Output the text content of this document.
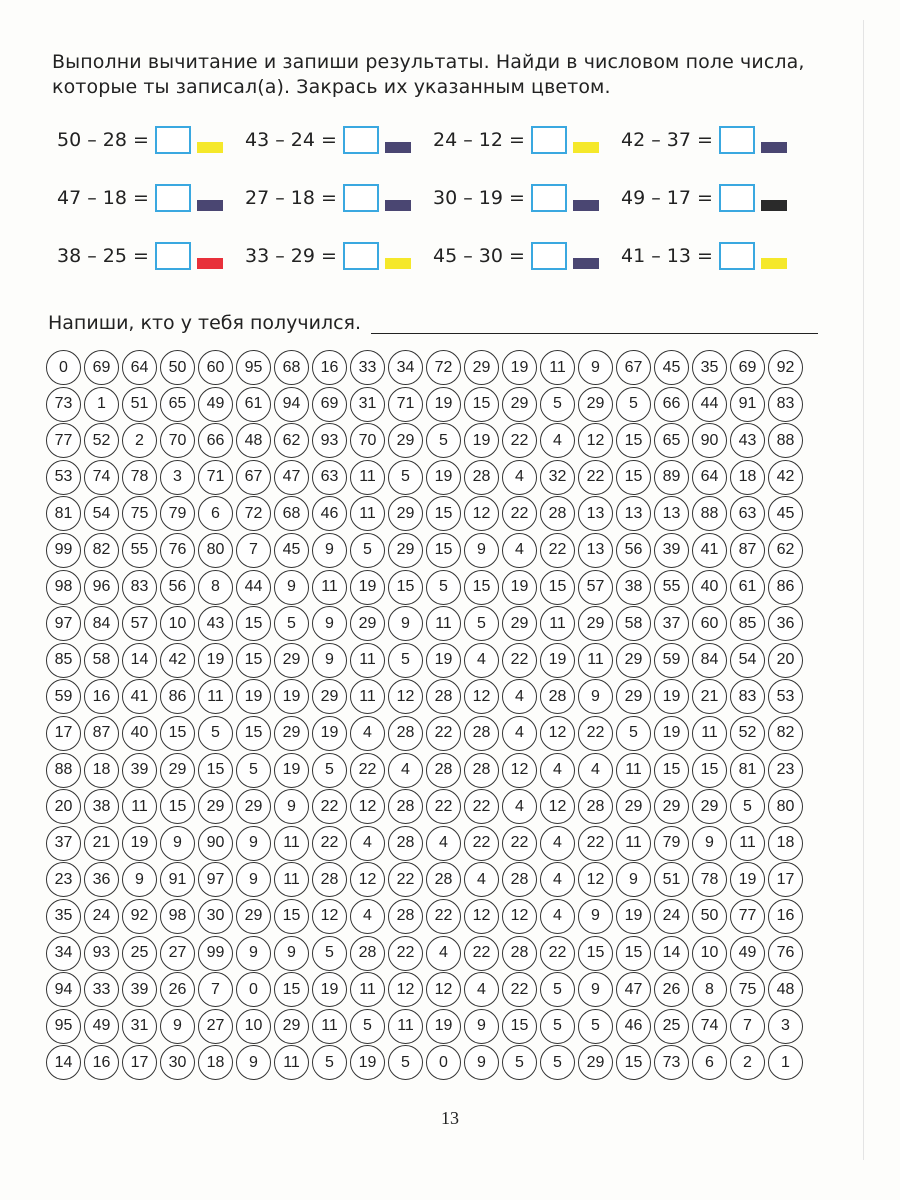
Выполни вычитание и запиши результаты. Найди в числовом поле числа, которые ты записал(а). Закрась их указанным цветом.
50 – 28 =	43 – 24 =	24 – 12 =	42 – 37 =
47 – 18 =	27 – 18 =	30 – 19 =	49 – 17 =
38 – 25 =	33 – 29 =	45 – 30 =	41 – 13 =
Напиши, кто у тебя получился.
0	69	64	50	60	95	68	16	33	34	72	29	19	11	9	67	45	35	69	92
73	1	51	65	49	61	94	69	31	71	19	15	29	5	29	5	66	44	91	83
77	52	2	70	66	48	62	93	70	29	5	19	22	4	12	15	65	90	43	88
53	74	78	3	71	67	47	63	11	5	19	28	4	32	22	15	89	64	18	42
81	54	75	79	6	72	68	46	11	29	15	12	22	28	13	13	13	88	63	45
99	82	55	76	80	7	45	9	5	29	15	9	4	22	13	56	39	41	87	62
98	96	83	56	8	44	9	11	19	15	5	15	19	15	57	38	55	40	61	86
97	84	57	10	43	15	5	9	29	9	11	5	29	11	29	58	37	60	85	36
85	58	14	42	19	15	29	9	11	5	19	4	22	19	11	29	59	84	54	20
59	16	41	86	11	19	19	29	11	12	28	12	4	28	9	29	19	21	83	53
17	87	40	15	5	15	29	19	4	28	22	28	4	12	22	5	19	11	52	82
88	18	39	29	15	5	19	5	22	4	28	28	12	4	4	11	15	15	81	23
20	38	11	15	29	29	9	22	12	28	22	22	4	12	28	29	29	29	5	80
37	21	19	9	90	9	11	22	4	28	4	22	22	4	22	11	79	9	11	18
23	36	9	91	97	9	11	28	12	22	28	4	28	4	12	9	51	78	19	17
35	24	92	98	30	29	15	12	4	28	22	12	12	4	9	19	24	50	77	16
34	93	25	27	99	9	9	5	28	22	4	22	28	22	15	15	14	10	49	76
94	33	39	26	7	0	15	19	11	12	12	4	22	5	9	47	26	8	75	48
95	49	31	9	27	10	29	11	5	11	19	9	15	5	5	46	25	74	7	3
14	16	17	30	18	9	11	5	19	5	0	9	5	5	29	15	73	6	2	1
13
